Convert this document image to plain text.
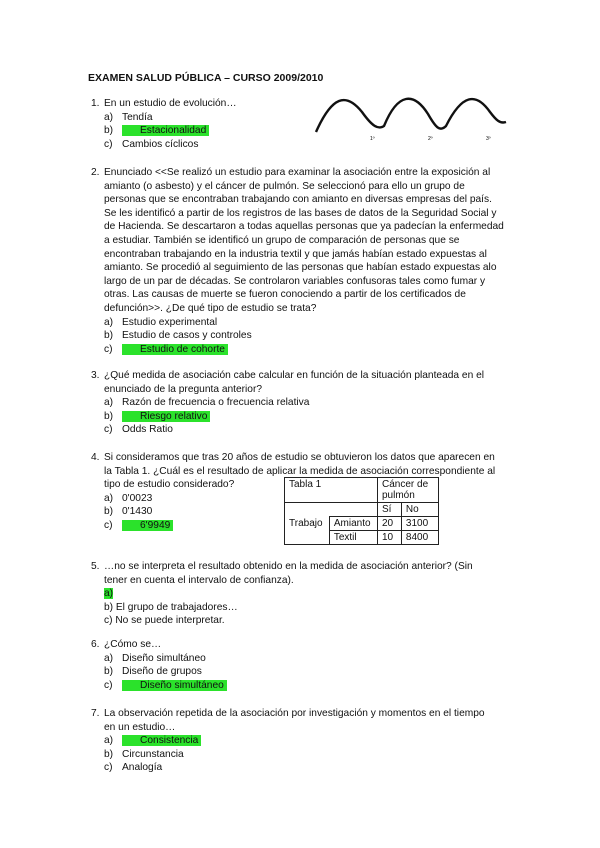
EXAMEN SALUD PÚBLICA – CURSO 2009/2010
1º	2º	3º
1. En un estudio de evolución…
a) Tendía
b)	Estacionalidad
c) Cambios cíclicos
2. Enunciado <<Se realizó un estudio para examinar la asociación entre la exposición al
amianto (o asbesto) y el cáncer de pulmón. Se seleccionó para ello un grupo de
personas que se encontraban trabajando con amianto en diversas empresas del país.
Se les identificó a partir de los registros de las bases de datos de la Seguridad Social y
de Hacienda. Se descartaron a todas aquellas personas que ya padecían la enfermedad
a estudiar. También se identificó un grupo de comparación de personas que se
encontraban trabajando en la industria textil y que jamás habían estado expuestas al
amianto. Se procedió al seguimiento de las personas que habían estado expuestas alo
largo de un par de décadas. Se controlaron variables confusoras tales como fumar y
otras. Las causas de muerte se fueron conociendo a partir de los certificados de
defunción>>. ¿De qué tipo de estudio se trata?
a) Estudio experimental
b) Estudio de casos y controles
c)	Estudio de cohorte
3. ¿Qué medida de asociación cabe calcular en función de la situación planteada en el
enunciado de la pregunta anterior?
a) Razón de frecuencia o frecuencia relativa
b)	Riesgo relativo
c) Odds Ratio
4. Si consideramos que tras 20 años de estudio se obtuvieron los datos que aparecen en
la Tabla 1. ¿Cuál es el resultado de aplicar la medida de asociación correspondiente al
tipo de estudio considerado?
a) 0'0023
b) 0'1430
c)	6'9949
Tabla 1		Cáncer de pulmón	
		Sí	No
Trabajo	Amianto	20	3100
	Textil	10	8400
5. …no se interpreta el resultado obtenido en la medida de asociación anterior? (Sin
tener en cuenta el intervalo de confianza).
a)
b) El grupo de trabajadores…
c) No se puede interpretar.
6. ¿Cómo se…
a) Diseño simultáneo
b) Diseño de grupos
c)	Diseño simultáneo
7. La observación repetida de la asociación por investigación y momentos en el tiempo
en un estudio…
a)	Consistencia
b) Circunstancia
c) Analogía
